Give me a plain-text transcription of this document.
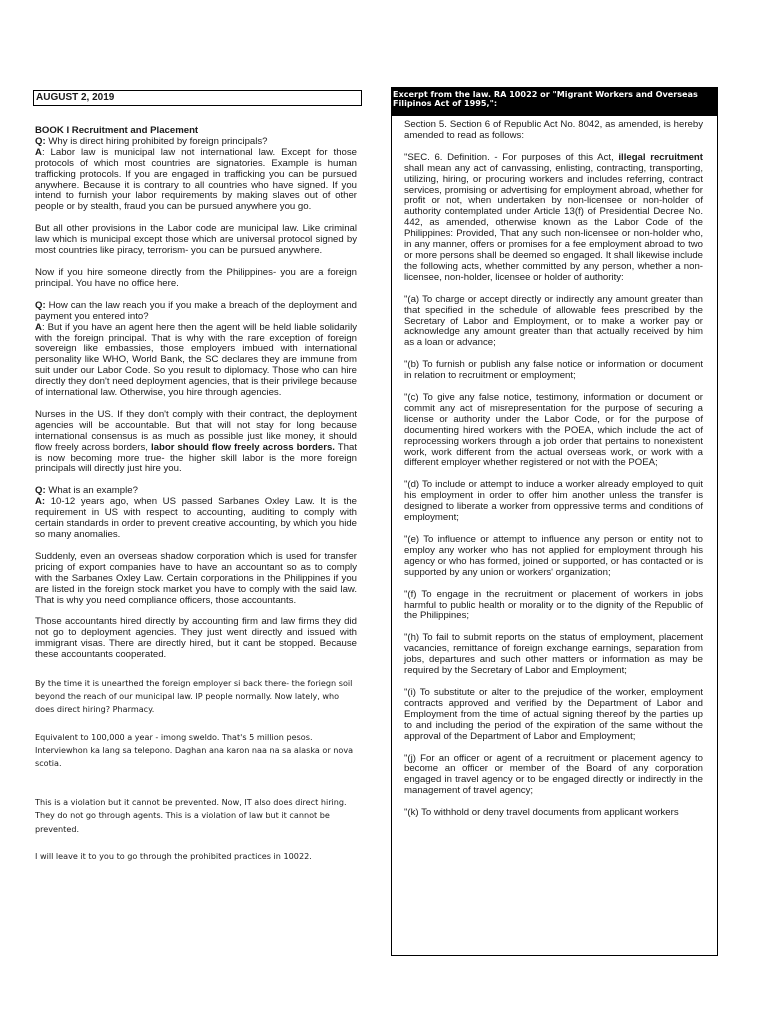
AUGUST 2, 2019

BOOK I Recruitment and Placement

Q: Why is direct hiring prohibited by foreign principals?
A: Labor law is municipal law not international law. Except for those protocols of which most countries are signatories. Example is human trafficking protocols. If you are engaged in trafficking you can be pursued anywhere. Because it is contrary to all countries who have signed. If you intend to furnish your labor requirements by making slaves out of other people or by stealth, fraud you can be pursued anywhere you go.

But all other provisions in the Labor code are municipal law. Like criminal law which is municipal except those which are universal protocol signed by most countries like piracy, terrorism- you can be pursued anywhere.

Now if you hire someone directly from the Philippines- you are a foreign principal. You have no office here.

Q: How can the law reach you if you make a breach of the deployment and payment you entered into?
A: But if you have an agent here then the agent will be held liable solidarily with the foreign principal. That is why with the rare exception of foreign sovereign like embassies, those employers imbued with international personality like WHO, World Bank, the SC declares they are immune from suit under our Labor Code. So you result to diplomacy. Those who can hire directly they don't need deployment agencies, that is their privilege because of international law. Otherwise, you hire through agencies.

Nurses in the US. If they don't comply with their contract, the deployment agencies will be accountable. But that will not stay for long because international consensus is as much as possible just like money, it should flow freely across borders, labor should flow freely across borders. That is now becoming more true- the higher skill labor is the more foreign principals will directly just hire you.

Q: What is an example?
A: 10-12 years ago, when US passed Sarbanes Oxley Law. It is the requirement in US with respect to accounting, auditing to comply with certain standards in order to prevent creative accounting, by which you hide so many anomalies.

Suddenly, even an overseas shadow corporation which is used for transfer pricing of export companies have to have an accountant so as to comply with the Sarbanes Oxley Law. Certain corporations in the Philippines if you are listed in the foreign stock market you have to comply with the said law. That is why you need compliance officers, those accountants.

Those accountants hired directly by accounting firm and law firms they did not go to deployment agencies. They just went directly and issued with immigrant visas. There are directly hired, but it cant be stopped. Because these accountants cooperated.

By the time it is unearthed the foreign employer si back there- the foriegn soil beyond the reach of our municipal law. IP people normally. Now lately, who does direct hiring? Pharmacy.

Equivalent to 100,000 a year - imong sweldo. That's 5 million pesos. Interviewhon ka lang sa telepono. Daghan ana karon naa na sa alaska or nova scotia.

This is a violation but it cannot be prevented. Now, IT also does direct hiring. They do not go through agents. This is a violation of law but it cannot be prevented.

I will leave it to you to go through the prohibited practices in 10022.

Excerpt from the law. RA 10022 or "Migrant Workers and Overseas Filipinos Act of 1995,":

Section 5. Section 6 of Republic Act No. 8042, as amended, is hereby amended to read as follows:

"SEC. 6. Definition. - For purposes of this Act, illegal recruitment shall mean any act of canvassing, enlisting, contracting, transporting, utilizing, hiring, or procuring workers and includes referring, contract services, promising or advertising for employment abroad, whether for profit or not, when undertaken by non-licensee or non-holder of authority contemplated under Article 13(f) of Presidential Decree No. 442, as amended, otherwise known as the Labor Code of the Philippines: Provided, That any such non-licensee or non-holder who, in any manner, offers or promises for a fee employment abroad to two or more persons shall be deemed so engaged. It shall likewise include the following acts, whether committed by any person, whether a non-licensee, non-holder, licensee or holder of authority:

"(a) To charge or accept directly or indirectly any amount greater than that specified in the schedule of allowable fees prescribed by the Secretary of Labor and Employment, or to make a worker pay or acknowledge any amount greater than that actually received by him as a loan or advance;

"(b) To furnish or publish any false notice or information or document in relation to recruitment or employment;

"(c) To give any false notice, testimony, information or document or commit any act of misrepresentation for the purpose of securing a license or authority under the Labor Code, or for the purpose of documenting hired workers with the POEA, which include the act of reprocessing workers through a job order that pertains to nonexistent work, work different from the actual overseas work, or work with a different employer whether registered or not with the POEA;

"(d) To include or attempt to induce a worker already employed to quit his employment in order to offer him another unless the transfer is designed to liberate a worker from oppressive terms and conditions of employment;

"(e) To influence or attempt to influence any person or entity not to employ any worker who has not applied for employment through his agency or who has formed, joined or supported, or has contacted or is supported by any union or workers' organization;

"(f) To engage in the recruitment or placement of workers in jobs harmful to public health or morality or to the dignity of the Republic of the Philippines;

"(h) To fail to submit reports on the status of employment, placement vacancies, remittance of foreign exchange earnings, separation from jobs, departures and such other matters or information as may be required by the Secretary of Labor and Employment;

"(i) To substitute or alter to the prejudice of the worker, employment contracts approved and verified by the Department of Labor and Employment from the time of actual signing thereof by the parties up to and including the period of the expiration of the same without the approval of the Department of Labor and Employment;

"(j) For an officer or agent of a recruitment or placement agency to become an officer or member of the Board of any corporation engaged in travel agency or to be engaged directly or indirectly in the management of travel agency;

"(k) To withhold or deny travel documents from applicant workers
